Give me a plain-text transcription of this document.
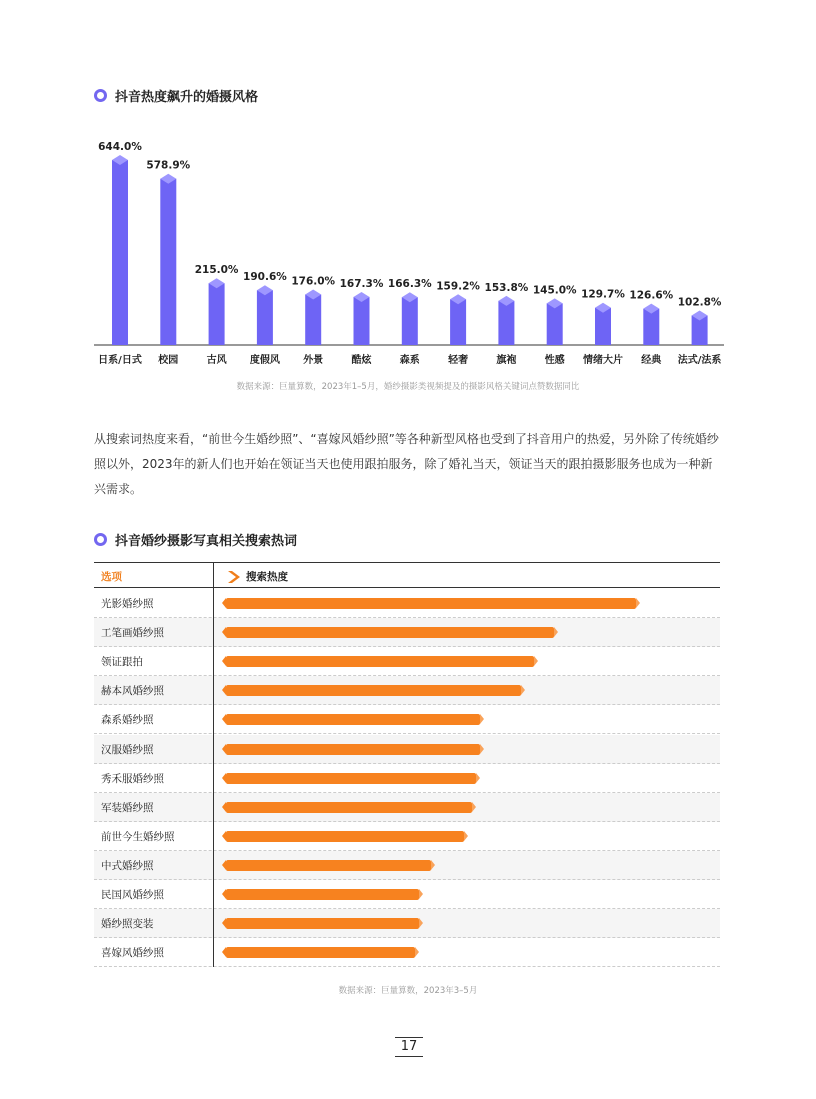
抖音热度飙升的婚摄风格
644.0%
日系/日式
578.9%
校园
215.0%
古风
190.6%
度假风
176.0%
外景
167.3%
酷炫
166.3%
森系
159.2%
轻奢
153.8%
旗袍
145.0%
性感
129.7%
情绪大片
126.6%
经典
102.8%
法式/法系
数据来源：巨量算数，2023年1–5月，婚纱摄影类视频提及的摄影风格关键词点赞数据同比

从搜索词热度来看，“前世今生婚纱照”、“喜嫁风婚纱照”等各种新型风格也受到了抖音用户的热爱，另外除了传统婚纱照以外，2023年的新人们也开始在领证当天也使用跟拍服务，除了婚礼当天，领证当天的跟拍摄影服务也成为一种新兴需求。

抖音婚纱摄影写真相关搜索热词
选项	搜索热度
光影婚纱照
工笔画婚纱照
领证跟拍
赫本风婚纱照
森系婚纱照
汉服婚纱照
秀禾服婚纱照
军装婚纱照
前世今生婚纱照
中式婚纱照
民国风婚纱照
婚纱照变装
喜嫁风婚纱照
数据来源：巨量算数，2023年3–5月
17
